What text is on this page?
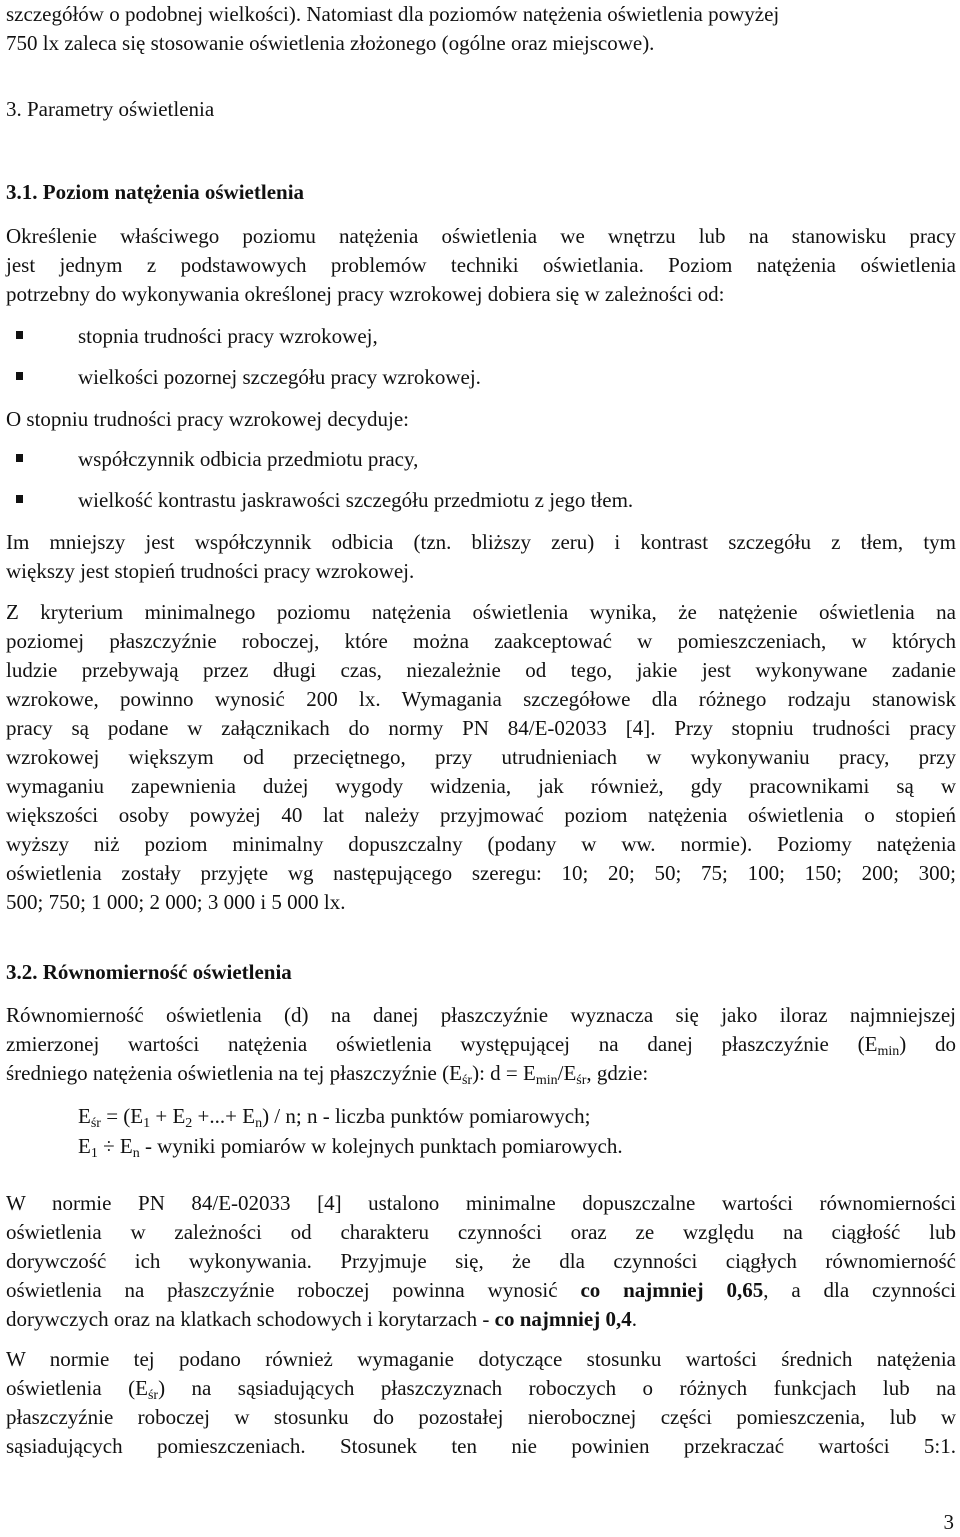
szczegółów o podobnej wielkości). Natomiast dla poziomów natężenia oświetlenia powyżej
750 lx zaleca się stosowanie oświetlenia złożonego (ogólne oraz miejscowe).
3. Parametry oświetlenia
3.1. Poziom natężenia oświetlenia
Określenie właściwego poziomu natężenia oświetlenia we wnętrzu lub na stanowisku pracy
jest jednym z podstawowych problemów techniki oświetlania. Poziom natężenia oświetlenia
potrzebny do wykonywania określonej pracy wzrokowej dobiera się w zależności od:
stopnia trudności pracy wzrokowej,
wielkości pozornej szczegółu pracy wzrokowej.
O stopniu trudności pracy wzrokowej decyduje:
współczynnik odbicia przedmiotu pracy,
wielkość kontrastu jaskrawości szczegółu przedmiotu z jego tłem.
Im mniejszy jest współczynnik odbicia (tzn. bliższy zeru) i kontrast szczegółu z tłem, tym
większy jest stopień trudności pracy wzrokowej.
Z kryterium minimalnego poziomu natężenia oświetlenia wynika, że natężenie oświetlenia na
poziomej płaszczyźnie roboczej, które można zaakceptować w pomieszczeniach, w których
ludzie przebywają przez długi czas, niezależnie od tego, jakie jest wykonywane zadanie
wzrokowe, powinno wynosić 200 lx. Wymagania szczegółowe dla różnego rodzaju stanowisk
pracy są podane w załącznikach do normy PN 84/E-02033 [4]. Przy stopniu trudności pracy
wzrokowej większym od przeciętnego, przy utrudnieniach w wykonywaniu pracy, przy
wymaganiu zapewnienia dużej wygody widzenia, jak również, gdy pracownikami są w
większości osoby powyżej 40 lat należy przyjmować poziom natężenia oświetlenia o stopień
wyższy niż poziom minimalny dopuszczalny (podany w ww. normie). Poziomy natężenia
oświetlenia zostały przyjęte wg następującego szeregu: 10; 20; 50; 75; 100; 150; 200; 300;
500; 750; 1 000; 2 000; 3 000 i 5 000 lx.
3.2. Równomierność oświetlenia
Równomierność oświetlenia (d) na danej płaszczyźnie wyznacza się jako iloraz najmniejszej
zmierzonej wartości natężenia oświetlenia występującej na danej płaszczyźnie $(E_{min})$ do
średniego natężenia oświetlenia na tej płaszczyźnie $(E_{śr})$: $d = E_{min}/E_{śr}$, gdzie:
$E_{śr} = (E_1 + E_2$ +...+ $E_n$) / n; n - liczba punktów pomiarowych;
$E_1 \div E_n$ - wyniki pomiarów w kolejnych punktach pomiarowych.
W normie PN 84/E-02033 [4] ustalono minimalne dopuszczalne wartości równomierności
oświetlenia w zależności od charakteru czynności oraz ze względu na ciągłość lub
dorywczość ich wykonywania. Przyjmuje się, że dla czynności ciągłych równomierność
oświetlenia na płaszczyźnie roboczej powinna wynosić co najmniej 0,65, a dla czynności
dorywczych oraz na klatkach schodowych i korytarzach - co najmniej 0,4.
W normie tej podano również wymaganie dotyczące stosunku wartości średnich natężenia
oświetlenia $(E_{śr})$ na sąsiadujących płaszczyznach roboczych o różnych funkcjach lub na
płaszczyźnie roboczej w stosunku do pozostałej nierobocznej części pomieszczenia, lub w
sąsiadujących pomieszczeniach. Stosunek ten nie powinien przekraczać wartości 5:1.
3
